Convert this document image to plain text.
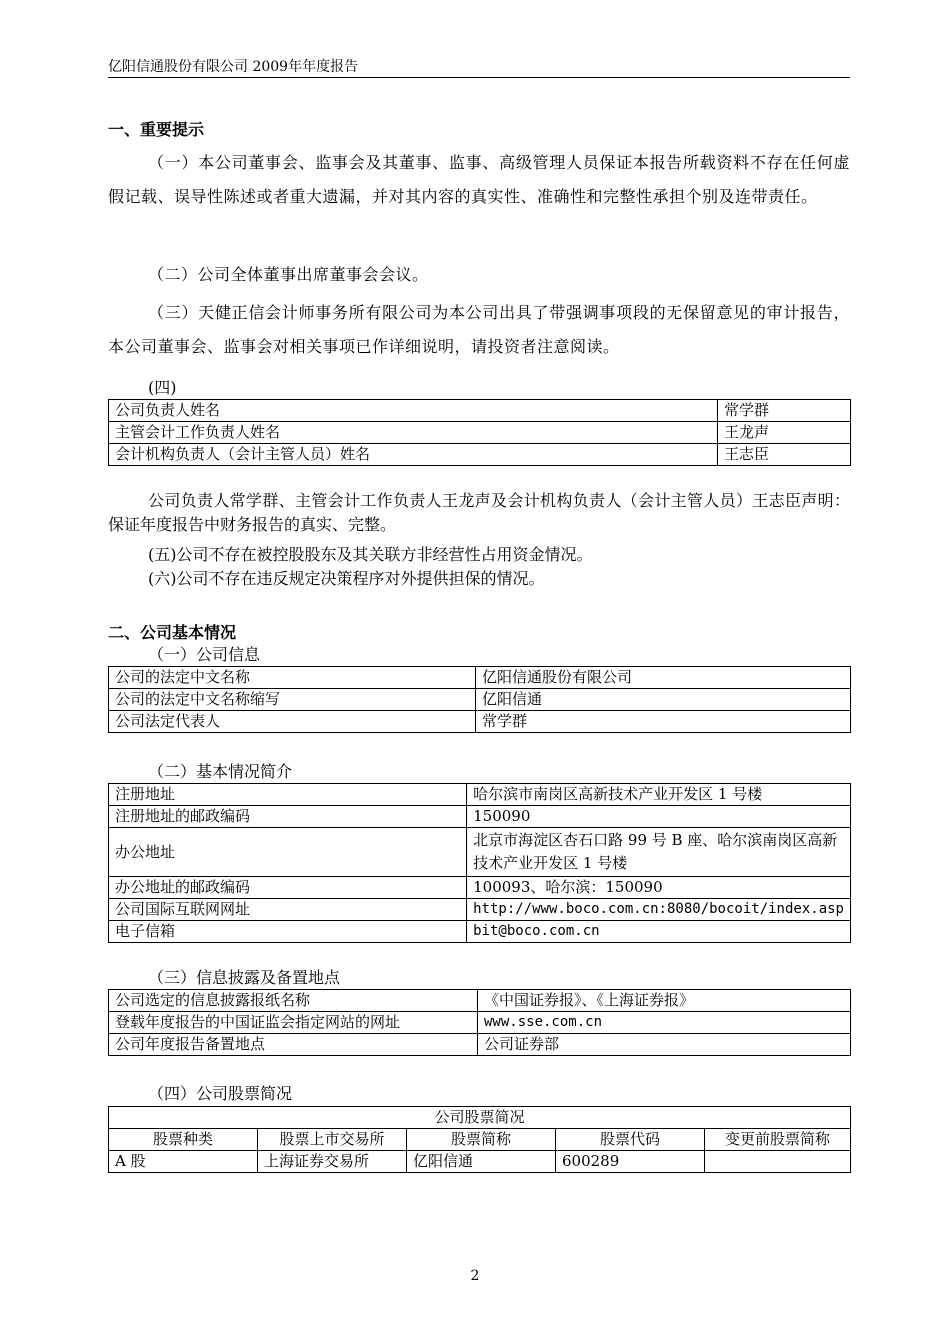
亿阳信通股份有限公司 2009年年度报告
一、重要提示
（一）本公司董事会、监事会及其董事、监事、高级管理人员保证本报告所载资料不存在任何虚假记载、误导性陈述或者重大遗漏，并对其内容的真实性、准确性和完整性承担个别及连带责任。
（二）公司全体董事出席董事会会议。
（三）天健正信会计师事务所有限公司为本公司出具了带强调事项段的无保留意见的审计报告，本公司董事会、监事会对相关事项已作详细说明，请投资者注意阅读。
(四)
公司负责人姓名	常学群
主管会计工作负责人姓名	王龙声
会计机构负责人（会计主管人员）姓名	王志臣
公司负责人常学群、主管会计工作负责人王龙声及会计机构负责人（会计主管人员）王志臣声明：保证年度报告中财务报告的真实、完整。
(五)公司不存在被控股股东及其关联方非经营性占用资金情况。
(六)公司不存在违反规定决策程序对外提供担保的情况。
二、公司基本情况
（一）公司信息
公司的法定中文名称	亿阳信通股份有限公司
公司的法定中文名称缩写	亿阳信通
公司法定代表人	常学群
（二）基本情况简介
注册地址	哈尔滨市南岗区高新技术产业开发区 1 号楼
注册地址的邮政编码	150090
办公地址	北京市海淀区杏石口路 99 号 B 座、哈尔滨南岗区高新技术产业开发区 1 号楼
办公地址的邮政编码	100093、哈尔滨：150090
公司国际互联网网址	http://www.boco.com.cn:8080/bocoit/index.asp
电子信箱	bit@boco.com.cn
（三）信息披露及备置地点
公司选定的信息披露报纸名称	《中国证券报》、《上海证券报》
登载年度报告的中国证监会指定网站的网址	www.sse.com.cn
公司年度报告备置地点	公司证券部
（四）公司股票简况
公司股票简况				
股票种类	股票上市交易所	股票简称	股票代码	变更前股票简称
A 股	上海证券交易所	亿阳信通	600289	
2
